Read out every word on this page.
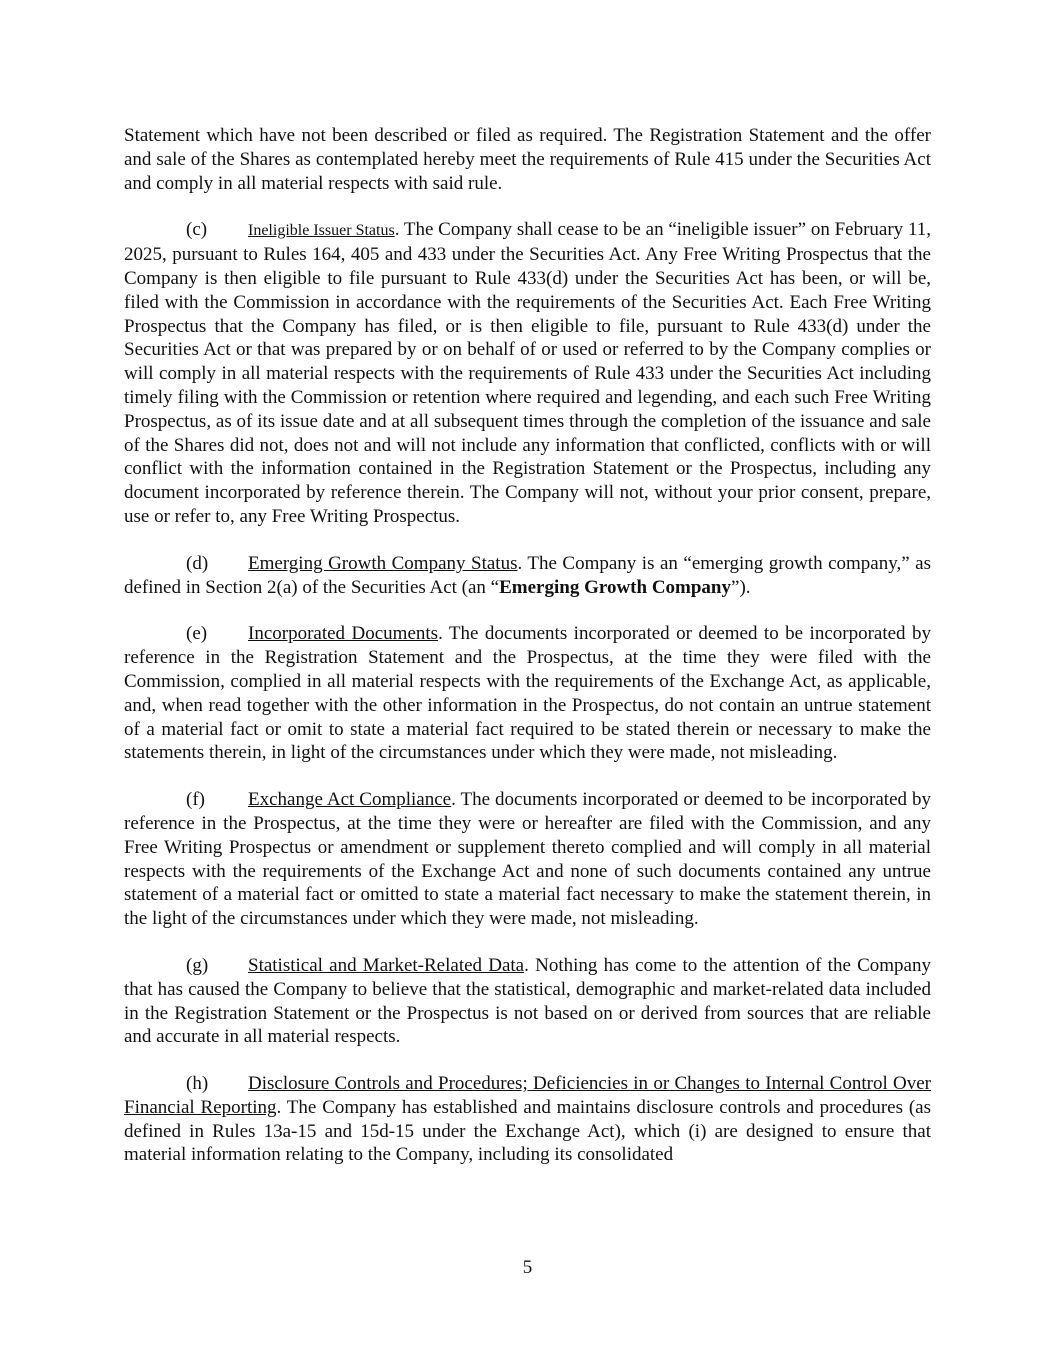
Statement which have not been described or filed as required. The Registration Statement and the offer and sale of the Shares as contemplated hereby meet the requirements of Rule 415 under the Securities Act and comply in all material respects with said rule.

(c)	Ineligible Issuer Status. The Company shall cease to be an “ineligible issuer” on February 11, 2025, pursuant to Rules 164, 405 and 433 under the Securities Act. Any Free Writing Prospectus that the Company is then eligible to file pursuant to Rule 433(d) under the Securities Act has been, or will be, filed with the Commission in accordance with the requirements of the Securities Act. Each Free Writing Prospectus that the Company has filed, or is then eligible to file, pursuant to Rule 433(d) under the Securities Act or that was prepared by or on behalf of or used or referred to by the Company complies or will comply in all material respects with the requirements of Rule 433 under the Securities Act including timely filing with the Commission or retention where required and legending, and each such Free Writing Prospectus, as of its issue date and at all subsequent times through the completion of the issuance and sale of the Shares did not, does not and will not include any information that conflicted, conflicts with or will conflict with the information contained in the Registration Statement or the Prospectus, including any document incorporated by reference therein. The Company will not, without your prior consent, prepare, use or refer to, any Free Writing Prospectus.

(d) Emerging Growth Company Status. The Company is an “emerging growth company,” as defined in Section 2(a) of the Securities Act (an “Emerging Growth Company”).

(e) Incorporated Documents. The documents incorporated or deemed to be incorporated by reference in the Registration Statement and the Prospectus, at the time they were filed with the Commission, complied in all material respects with the requirements of the Exchange Act, as applicable, and, when read together with the other information in the Prospectus, do not contain an untrue statement of a material fact or omit to state a material fact required to be stated therein or necessary to make the statements therein, in light of the circumstances under which they were made, not misleading.

(f) Exchange Act Compliance. The documents incorporated or deemed to be incorporated by reference in the Prospectus, at the time they were or hereafter are filed with the Commission, and any Free Writing Prospectus or amendment or supplement thereto complied and will comply in all material respects with the requirements of the Exchange Act and none of such documents contained any untrue statement of a material fact or omitted to state a material fact necessary to make the statement therein, in the light of the circumstances under which they were made, not misleading.

(g) Statistical and Market-Related Data. Nothing has come to the attention of the Company that has caused the Company to believe that the statistical, demographic and market-related data included in the Registration Statement or the Prospectus is not based on or derived from sources that are reliable and accurate in all material respects.

(h) Disclosure Controls and Procedures; Deficiencies in or Changes to Internal Control Over Financial Reporting. The Company has established and maintains disclosure controls and procedures (as defined in Rules 13a-15 and 15d-15 under the Exchange Act), which (i) are designed to ensure that material information relating to the Company, including its consolidated

5
